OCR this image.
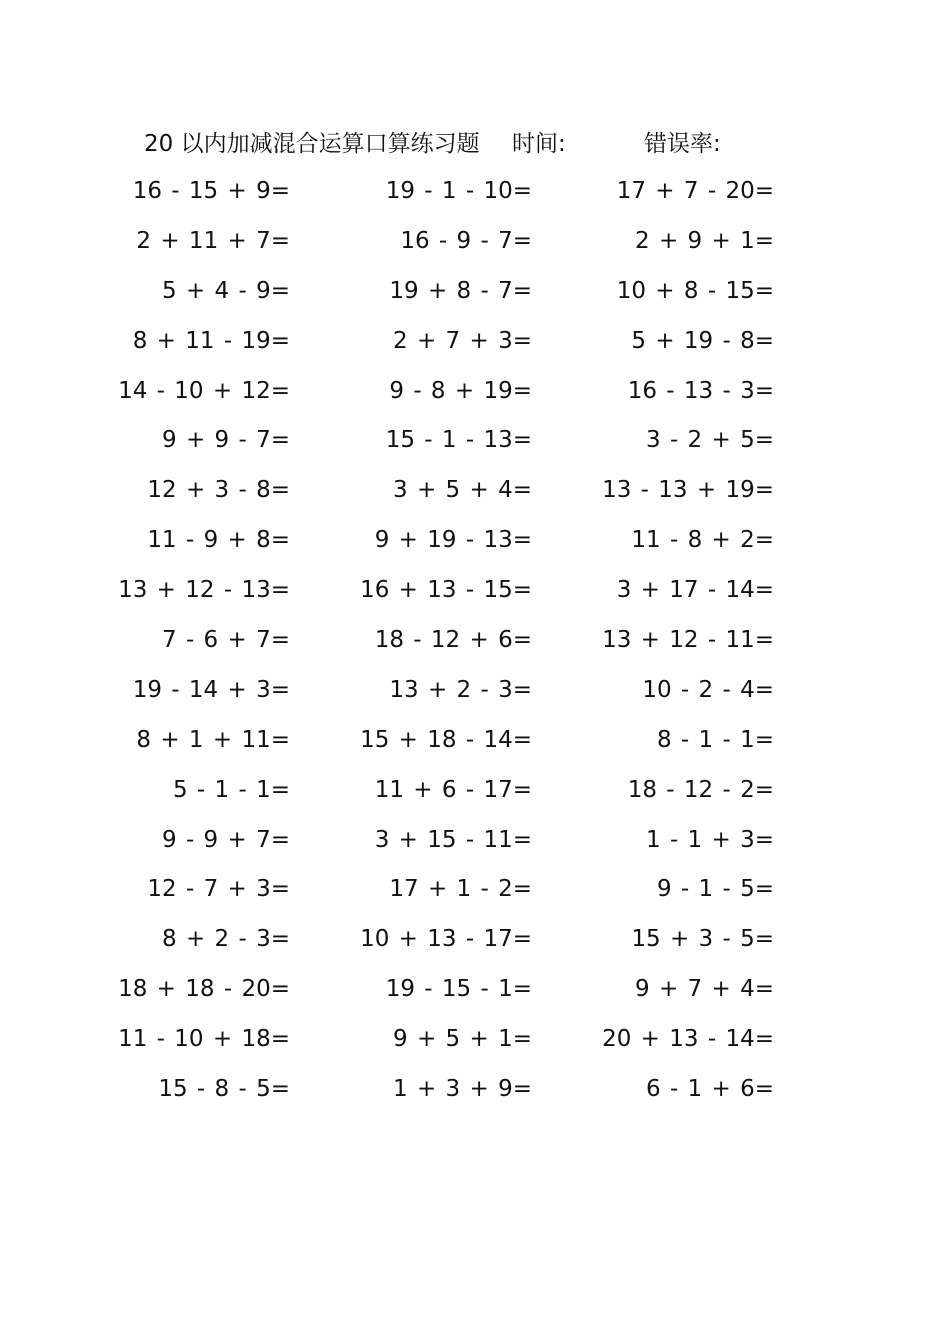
20 以内加减混合运算口算练习题 时间:	错误率:
16 - 15 + 9=	19 - 1 - 10=	17 + 7 - 20=
2 + 11 + 7=	16 - 9 - 7=	2 + 9 + 1=
5 + 4 - 9=	19 + 8 - 7=	10 + 8 - 15=
8 + 11 - 19=	2 + 7 + 3=	5 + 19 - 8=
14 - 10 + 12=	9 - 8 + 19=	16 - 13 - 3=
9 + 9 - 7=	15 - 1 - 13=	3 - 2 + 5=
12 + 3 - 8=	3 + 5 + 4=	13 - 13 + 19=
11 - 9 + 8=	9 + 19 - 13=	11 - 8 + 2=
13 + 12 - 13=	16 + 13 - 15=	3 + 17 - 14=
7 - 6 + 7=	18 - 12 + 6=	13 + 12 - 11=
19 - 14 + 3=	13 + 2 - 3=	10 - 2 - 4=
8 + 1 + 11=	15 + 18 - 14=	8 - 1 - 1=
5 - 1 - 1=	11 + 6 - 17=	18 - 12 - 2=
9 - 9 + 7=	3 + 15 - 11=	1 - 1 + 3=
12 - 7 + 3=	17 + 1 - 2=	9 - 1 - 5=
8 + 2 - 3=	10 + 13 - 17=	15 + 3 - 5=
18 + 18 - 20=	19 - 15 - 1=	9 + 7 + 4=
11 - 10 + 18=	9 + 5 + 1=	20 + 13 - 14=
15 - 8 - 5=	1 + 3 + 9=	6 - 1 + 6=
